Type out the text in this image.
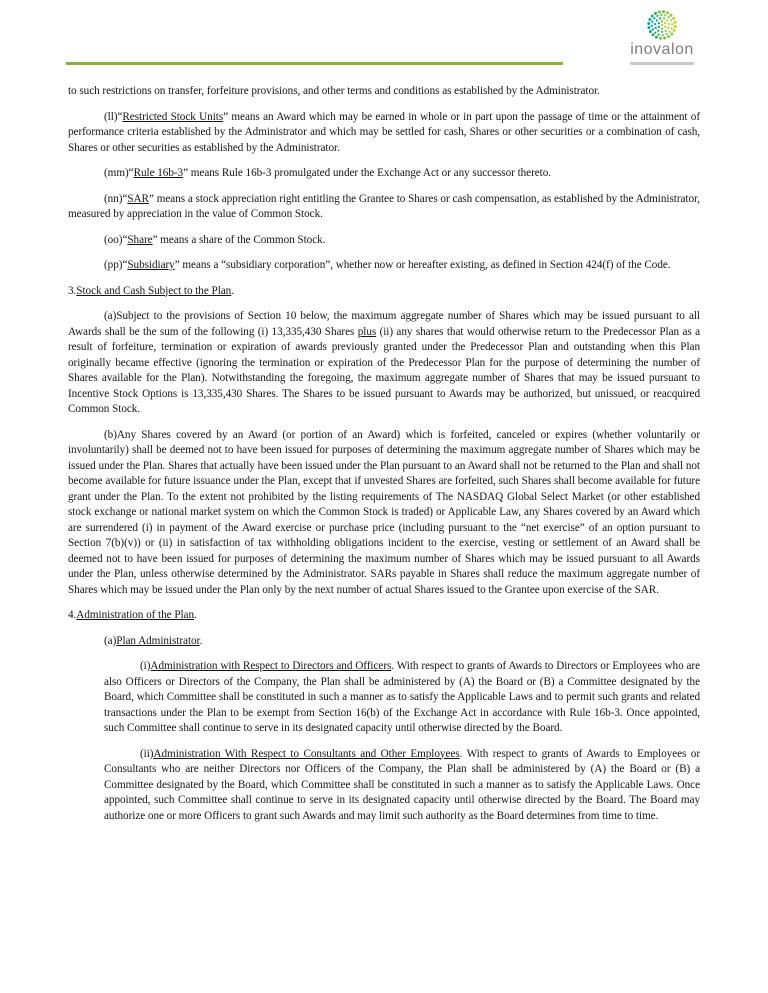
inovalon

to such restrictions on transfer, forfeiture provisions, and other terms and conditions as established by the Administrator.

(ll)“Restricted Stock Units” means an Award which may be earned in whole or in part upon the passage of time or the attainment of performance criteria established by the Administrator and which may be settled for cash, Shares or other securities or a combination of cash, Shares or other securities as established by the Administrator.

(mm)“Rule 16b-3” means Rule 16b-3 promulgated under the Exchange Act or any successor thereto.

(nn)“SAR” means a stock appreciation right entitling the Grantee to Shares or cash compensation, as established by the Administrator, measured by appreciation in the value of Common Stock.

(oo)“Share” means a share of the Common Stock.

(pp)“Subsidiary” means a “subsidiary corporation”, whether now or hereafter existing, as defined in Section 424(f) of the Code.

3.Stock and Cash Subject to the Plan.

(a)Subject to the provisions of Section 10 below, the maximum aggregate number of Shares which may be issued pursuant to all Awards shall be the sum of the following (i) 13,335,430 Shares plus (ii) any shares that would otherwise return to the Predecessor Plan as a result of forfeiture, termination or expiration of awards previously granted under the Predecessor Plan and outstanding when this Plan originally became effective (ignoring the termination or expiration of the Predecessor Plan for the purpose of determining the number of Shares available for the Plan). Notwithstanding the foregoing, the maximum aggregate number of Shares that may be issued pursuant to Incentive Stock Options is 13,335,430 Shares. The Shares to be issued pursuant to Awards may be authorized, but unissued, or reacquired Common Stock.

(b)Any Shares covered by an Award (or portion of an Award) which is forfeited, canceled or expires (whether voluntarily or involuntarily) shall be deemed not to have been issued for purposes of determining the maximum aggregate number of Shares which may be issued under the Plan. Shares that actually have been issued under the Plan pursuant to an Award shall not be returned to the Plan and shall not become available for future issuance under the Plan, except that if unvested Shares are forfeited, such Shares shall become available for future grant under the Plan. To the extent not prohibited by the listing requirements of The NASDAQ Global Select Market (or other established stock exchange or national market system on which the Common Stock is traded) or Applicable Law, any Shares covered by an Award which are surrendered (i) in payment of the Award exercise or purchase price (including pursuant to the “net exercise” of an option pursuant to Section 7(b)(v)) or (ii) in satisfaction of tax withholding obligations incident to the exercise, vesting or settlement of an Award shall be deemed not to have been issued for purposes of determining the maximum number of Shares which may be issued pursuant to all Awards under the Plan, unless otherwise determined by the Administrator. SARs payable in Shares shall reduce the maximum aggregate number of Shares which may be issued under the Plan only by the next number of actual Shares issued to the Grantee upon exercise of the SAR.

4.Administration of the Plan.

(a)Plan Administrator.

(i)Administration with Respect to Directors and Officers. With respect to grants of Awards to Directors or Employees who are also Officers or Directors of the Company, the Plan shall be administered by (A) the Board or (B) a Committee designated by the Board, which Committee shall be constituted in such a manner as to satisfy the Applicable Laws and to permit such grants and related transactions under the Plan to be exempt from Section 16(b) of the Exchange Act in accordance with Rule 16b-3. Once appointed, such Committee shall continue to serve in its designated capacity until otherwise directed by the Board.

(ii)Administration With Respect to Consultants and Other Employees. With respect to grants of Awards to Employees or Consultants who are neither Directors nor Officers of the Company, the Plan shall be administered by (A) the Board or (B) a Committee designated by the Board, which Committee shall be constituted in such a manner as to satisfy the Applicable Laws. Once appointed, such Committee shall continue to serve in its designated capacity until otherwise directed by the Board. The Board may authorize one or more Officers to grant such Awards and may limit such authority as the Board determines from time to time.
